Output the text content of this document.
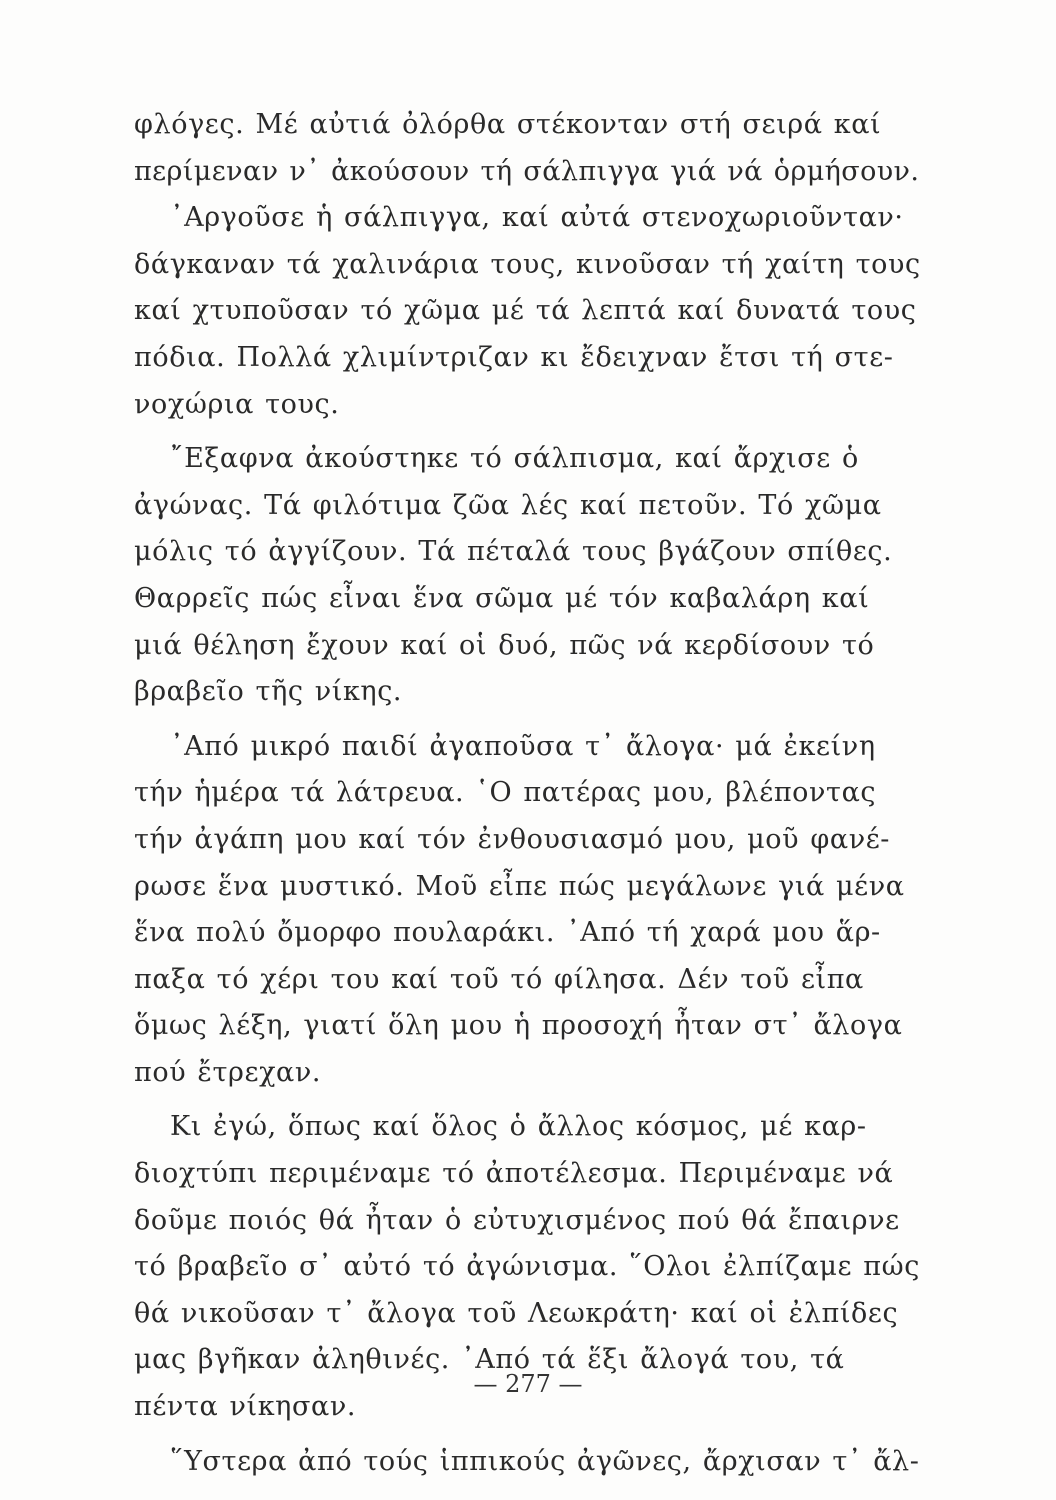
φλόγες. Μέ αὐτιά ὀλόρθα στέκονταν στή σειρά καί
περίμεναν ν᾽ ἀκούσουν τή σάλπιγγα γιά νά ὁρμήσουν.
᾽Αργοῦσε ἡ σάλπιγγα, καί αὐτά στενοχωριοῦνταν·
δάγκαναν τά χαλινάρια τους, κινοῦσαν τή χαίτη τους
καί χτυποῦσαν τό χῶμα μέ τά λεπτά καί δυνατά τους
πόδια. Πολλά χλιμίντριζαν κι ἔδειχναν ἔτσι τή στε-
νοχώρια τους.
῎Εξαφνα ἀκούστηκε τό σάλπισμα, καί ἄρχισε ὁ
ἀγώνας. Τά φιλότιμα ζῶα λές καί πετοῦν. Τό χῶμα
μόλις τό ἀγγίζουν. Τά πέταλά τους βγάζουν σπίθες.
Θαρρεῖς πώς εἶναι ἕνα σῶμα μέ τόν καβαλάρη καί
μιά θέληση ἔχουν καί οἱ δυό, πῶς νά κερδίσουν τό
βραβεῖο τῆς νίκης.
᾽Από μικρό παιδί ἀγαποῦσα τ᾽ ἄλογα· μά ἐκείνη
τήν ἡμέρα τά λάτρευα. ῾Ο πατέρας μου, βλέποντας
τήν ἀγάπη μου καί τόν ἐνθουσιασμό μου, μοῦ φανέ-
ρωσε ἕνα μυστικό. Μοῦ εἶπε πώς μεγάλωνε γιά μένα
ἕνα πολύ ὄμορφο πουλαράκι. ᾽Από τή χαρά μου ἅρ-
παξα τό χέρι του καί τοῦ τό φίλησα. Δέν τοῦ εἶπα
ὅμως λέξη, γιατί ὅλη μου ἡ προσοχή ἦταν στ᾽ ἄλογα
πού ἔτρεχαν.
Κι ἐγώ, ὅπως καί ὅλος ὁ ἄλλος κόσμος, μέ καρ-
διοχτύπι περιμέναμε τό ἀποτέλεσμα. Περιμέναμε νά
δοῦμε ποιός θά ἦταν ὁ εὐτυχισμένος πού θά ἔπαιρνε
τό βραβεῖο σ᾽ αὐτό τό ἀγώνισμα. ῞Ολοι ἐλπίζαμε πώς
θά νικοῦσαν τ᾽ ἄλογα τοῦ Λεωκράτη· καί οἱ ἐλπίδες
μας βγῆκαν ἀληθινές. ᾽Από τά ἕξι ἄλογά του, τά
πέντα νίκησαν.
῞Υστερα ἀπό τούς ἱππικούς ἀγῶνες, ἄρχισαν τ᾽ ἄλ-
— 277 —
